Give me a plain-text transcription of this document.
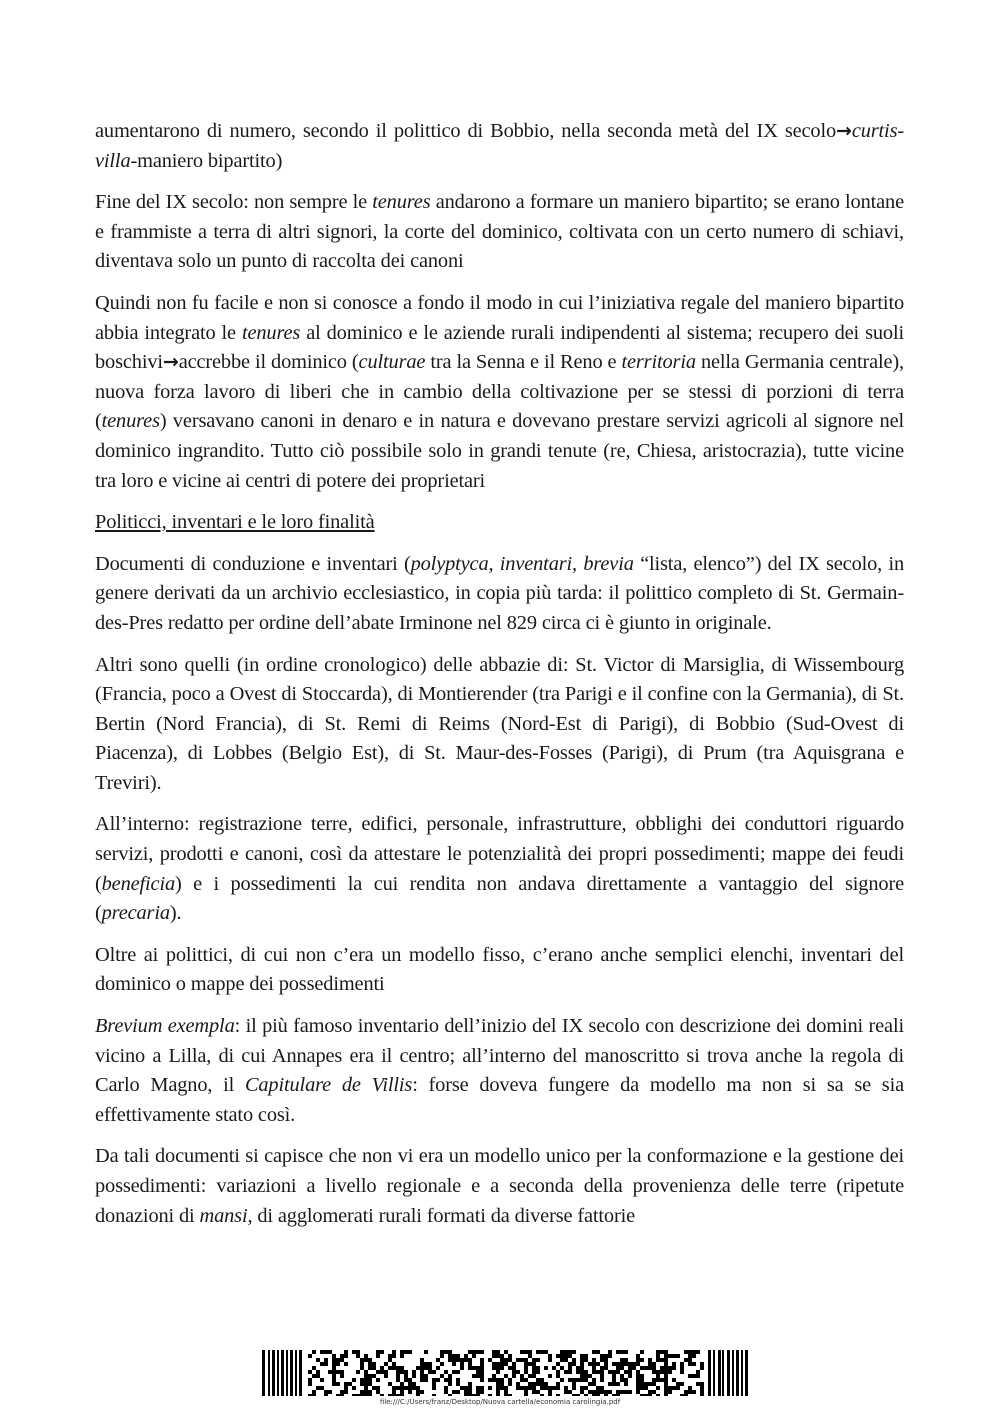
aumentarono di numero, secondo il polittico di Bobbio, nella seconda metà del IX secolo→curtis-villa-maniero bipartito)

Fine del IX secolo: non sempre le tenures andarono a formare un maniero bipartito; se erano lontane e frammiste a terra di altri signori, la corte del dominico, coltivata con un certo numero di schiavi, diventava solo un punto di raccolta dei canoni

Quindi non fu facile e non si conosce a fondo il modo in cui l’iniziativa regale del maniero bipartito abbia integrato le tenures al dominico e le aziende rurali indipendenti al sistema; recupero dei suoli boschivi→accrebbe il dominico (culturae tra la Senna e il Reno e territoria nella Germania centrale), nuova forza lavoro di liberi che in cambio della coltivazione per se stessi di porzioni di terra (tenures) versavano canoni in denaro e in natura e dovevano prestare servizi agricoli al signore nel dominico ingrandito. Tutto ciò possibile solo in grandi tenute (re, Chiesa, aristocrazia), tutte vicine tra loro e vicine ai centri di potere dei proprietari

Politicci, inventari e le loro finalità

Documenti di conduzione e inventari (polyptyca, inventari, brevia “lista, elenco”) del IX secolo, in genere derivati da un archivio ecclesiastico, in copia più tarda: il polittico completo di St. Germain-des-Pres redatto per ordine dell’abate Irminone nel 829 circa ci è giunto in originale.

Altri sono quelli (in ordine cronologico) delle abbazie di: St. Victor di Marsiglia, di Wissembourg (Francia, poco a Ovest di Stoccarda), di Montierender (tra Parigi e il confine con la Germania), di St. Bertin (Nord Francia), di St. Remi di Reims (Nord-Est di Parigi), di Bobbio (Sud-Ovest di Piacenza), di Lobbes (Belgio Est), di St. Maur-des-Fosses (Parigi), di Prum (tra Aquisgrana e Treviri).

All’interno: registrazione terre, edifici, personale, infrastrutture, obblighi dei conduttori riguardo servizi, prodotti e canoni, così da attestare le potenzialità dei propri possedimenti; mappe dei feudi (beneficia) e i possedimenti la cui rendita non andava direttamente a vantaggio del signore (precaria).

Oltre ai polittici, di cui non c’era un modello fisso, c’erano anche semplici elenchi, inventari del dominico o mappe dei possedimenti

Brevium exempla: il più famoso inventario dell’inizio del IX secolo con descrizione dei domini reali vicino a Lilla, di cui Annapes era il centro; all’interno del manoscritto si trova anche la regola di Carlo Magno, il Capitulare de Villis: forse doveva fungere da modello ma non si sa se sia effettivamente stato così.

Da tali documenti si capisce che non vi era un modello unico per la conformazione e la gestione dei possedimenti: variazioni a livello regionale e a seconda della provenienza delle terre (ripetute donazioni di mansi, di agglomerati rurali formati da diverse fattorie

file:///C:/Users/franz/Desktop/Nuova cartella/economia carolingia.pdf
